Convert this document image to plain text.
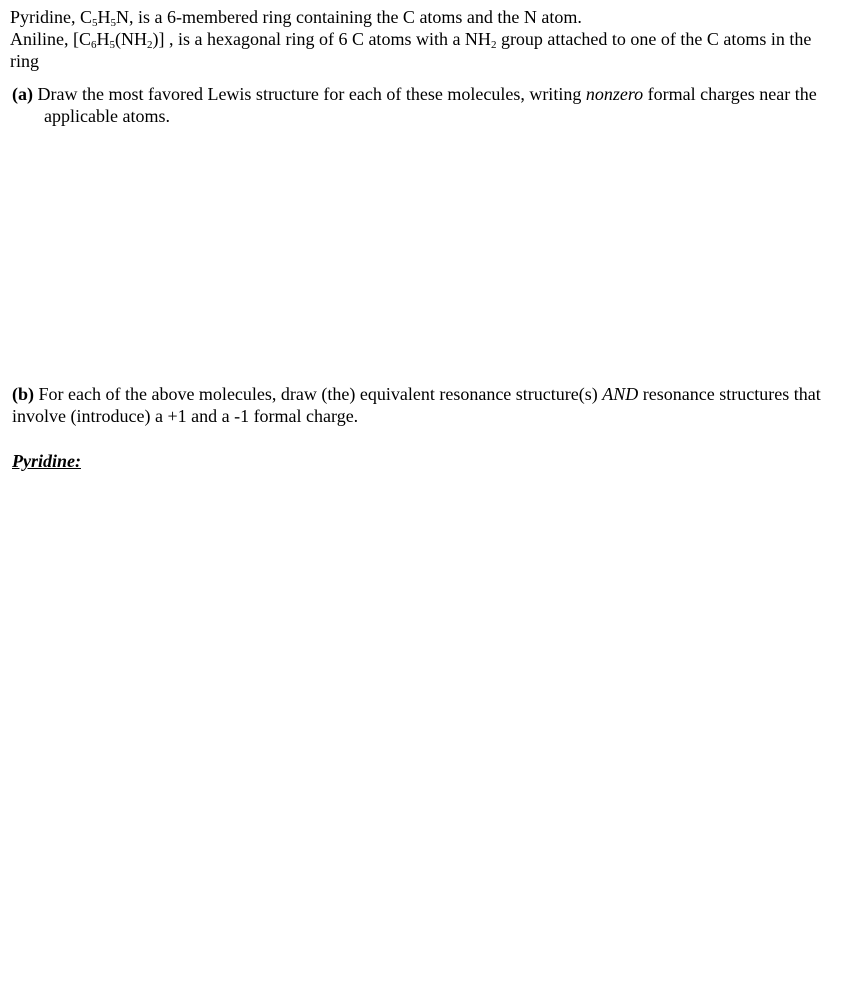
Pyridine, $C_5H_5N$, is a 6-membered ring containing the C atoms and the N atom.

Aniline, $[C_6H_5(NH_2)]$ , is a hexagonal ring of 6 C atoms with a $NH_2$ group attached to one of the C atoms in the ring

(a) Draw the most favored Lewis structure for each of these molecules, writing nonzero formal charges near the applicable atoms.

(b) For each of the above molecules, draw (the) equivalent resonance structure(s) AND resonance structures that involve (introduce) a +1 and a -1 formal charge.

Pyridine:
